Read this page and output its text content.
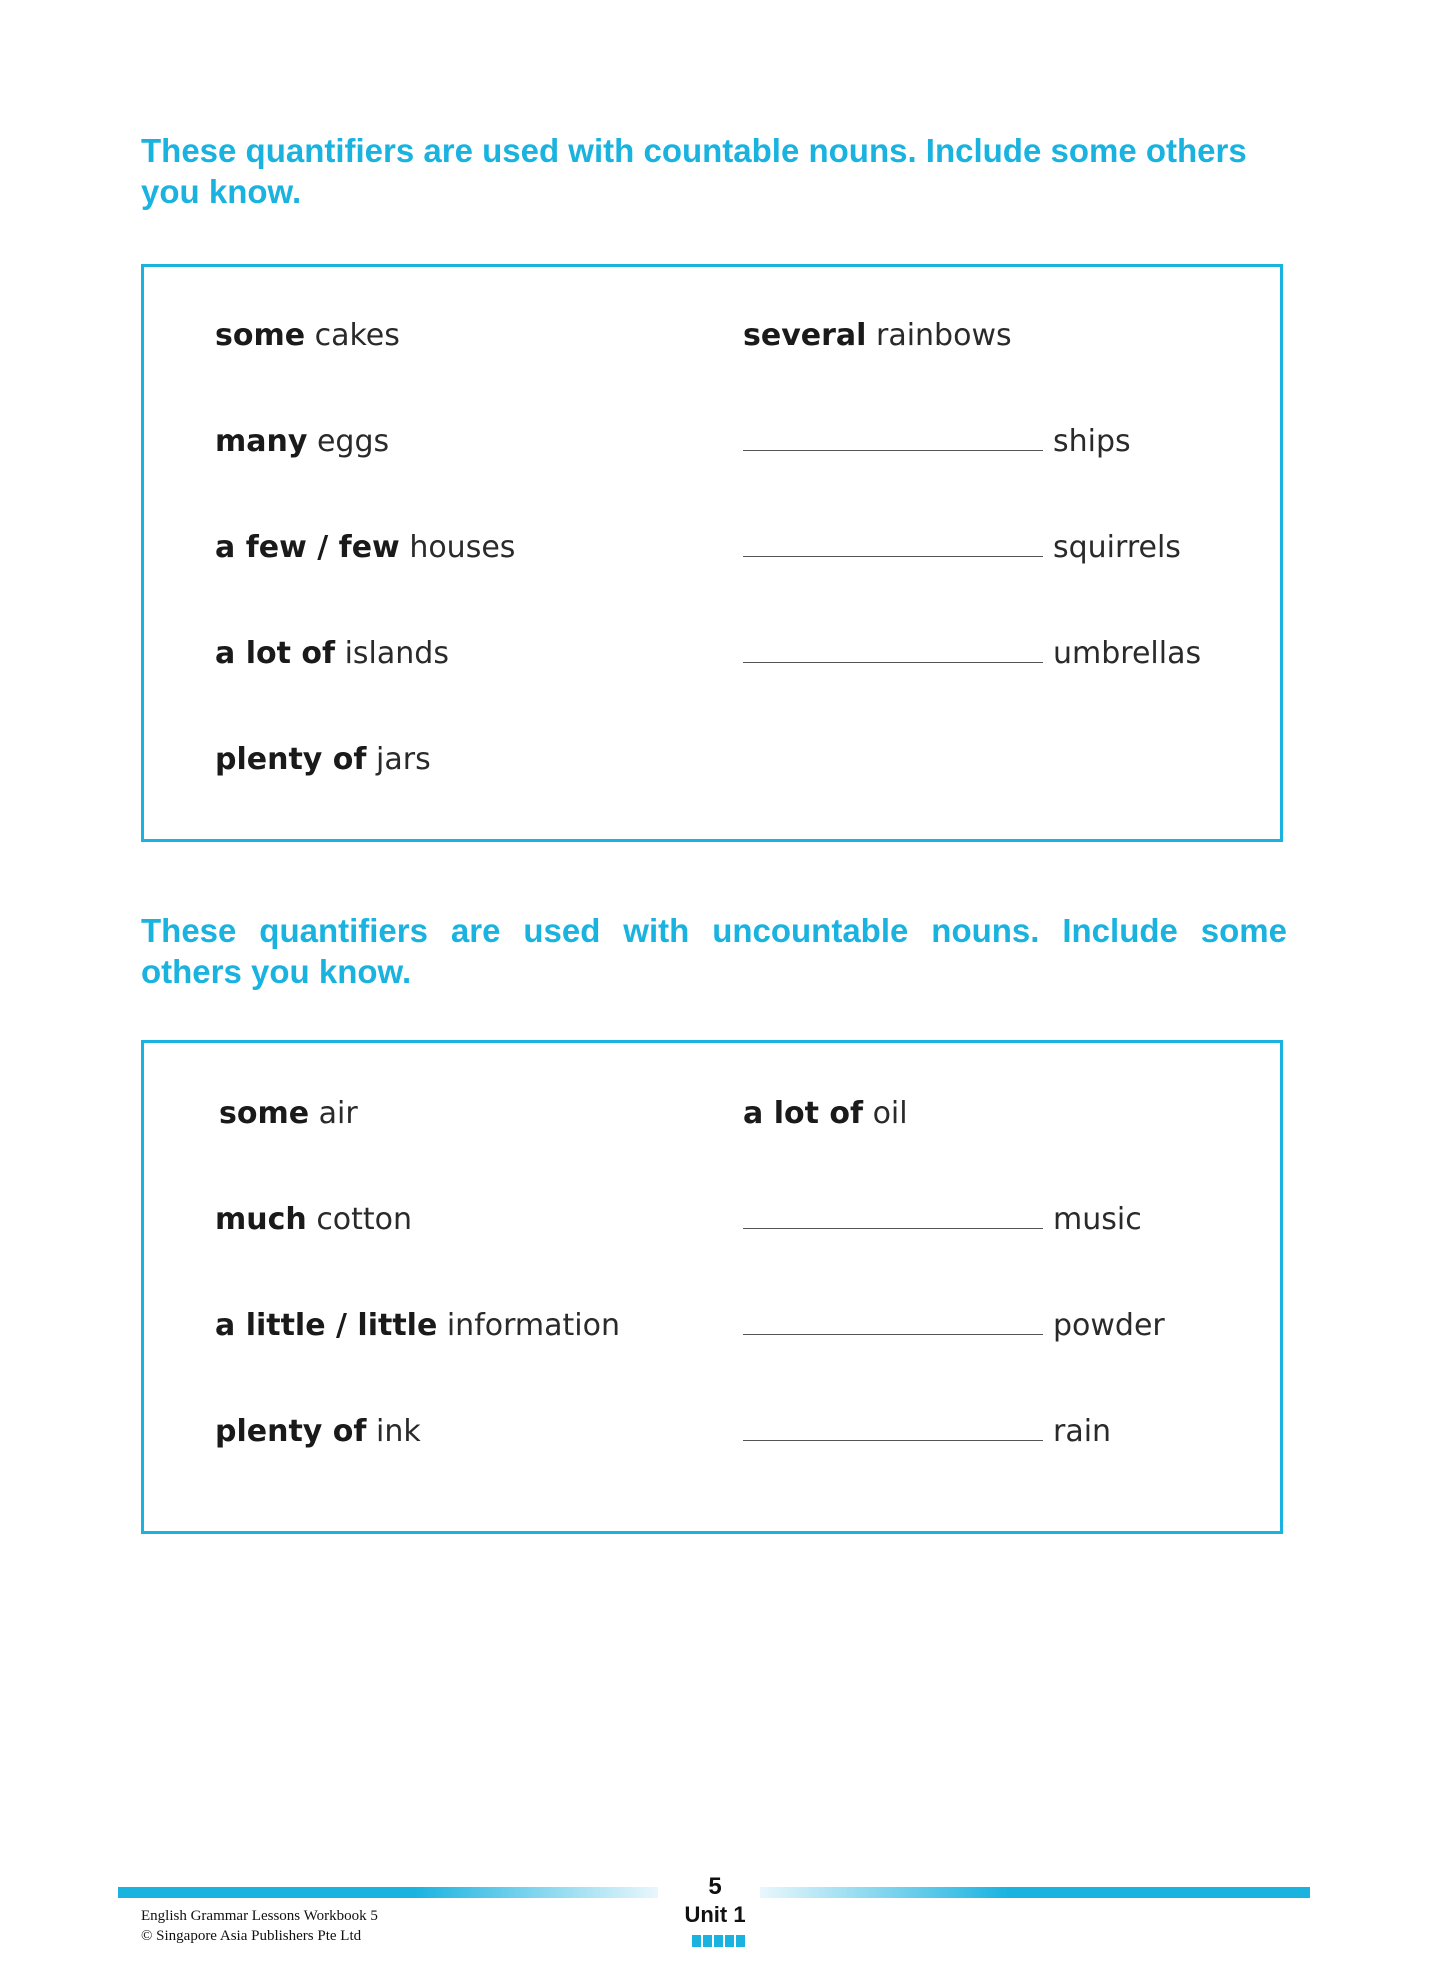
These quantifiers are used with countable nouns. Include some others you know.
some cakes
many eggs
a few / few houses
a lot of islands
plenty of jars
several rainbows
ships
squirrels
umbrellas
These quantifiers are used with uncountable nouns. Include some others you know.
some air
much cotton
a little / little information
plenty of ink
a lot of oil
music
powder
rain
5
Unit 1
English Grammar Lessons Workbook 5
© Singapore Asia Publishers Pte Ltd
